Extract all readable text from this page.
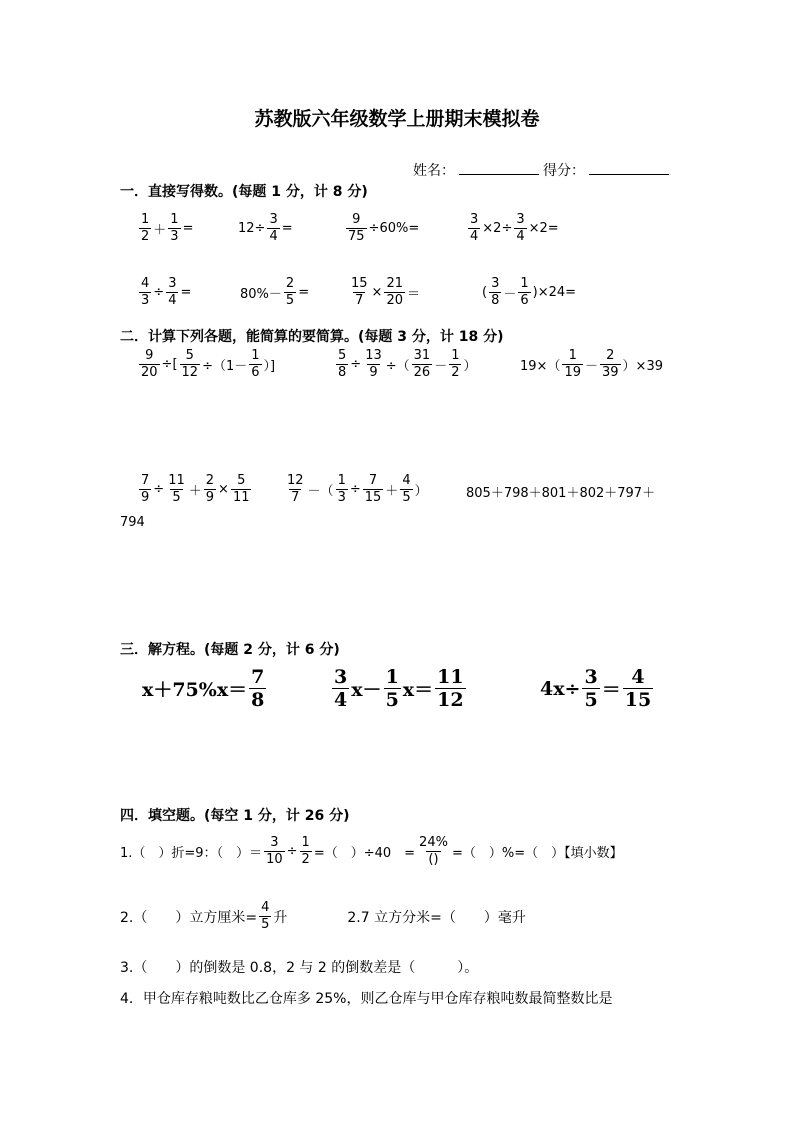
苏教版六年级数学上册期末模拟卷
姓名：	得分：
一．直接写得数。(每题 1 分，计 8 分)
$\frac{1}{2} + \frac{1}{3}$ =	$12\div \frac{3}{4}$ =	$\frac{9}{75} \div 60\%=$	$\frac{3}{4} \times 2\div \frac{3}{4} \times 2=$
$\frac{4}{3} \div \frac{3}{4}$ =	$80\%- \frac{2}{5}$ =	$\frac{15}{7} \times \frac{21}{20}$ ＝	( $\frac{3}{8} - \frac{1}{6} )\times 24=$
二．计算下列各题，能简算的要简算。(每题 3 分，计 18 分)
$\frac{9}{20}$ ÷[ $\frac{5}{12} \div(1- \frac{1}{6}$ ）]	$\frac{5}{8} \div \frac{13}{9}$ ÷（ $\frac{31}{26} - \frac{1}{2}$ ）	$19\times( \frac{1}{19} - \frac{2}{39} )\times 39$
$\frac{7}{9} \div \frac{11}{5} + \frac{2}{9} \times \frac{5}{11}$	$\frac{12}{7}$ －（ $\frac{1}{3} \div \frac{7}{15} + \frac{4}{5}$ ）	805＋798＋801＋802＋797＋
794
三．解方程。(每题 2 分，计 6 分)
$x+75\%x= \frac{7}{8}$	$\frac{3}{4} x- \frac{1}{5} x= \frac{11}{12}$	$4x\div \frac{3}{5} = \frac{4}{15}$
四．填空题。(每空 1 分，计 26 分)
1.（　）折=9：（　）＝ $\frac{3}{10} \div \frac{1}{2}$ =（　）÷40　= $\frac{24\%}{()}$ =（　）%=（　）【填小数】
2.（　　）立方厘米= $\frac{4}{5}$ 升	2.7 立方分米=（　　）毫升
3.（　　）的倒数是 0.8，2 与 2 的倒数差是（　　　）。
4．甲仓库存粮吨数比乙仓库多 25%，则乙仓库与甲仓库存粮吨数最简整数比是
